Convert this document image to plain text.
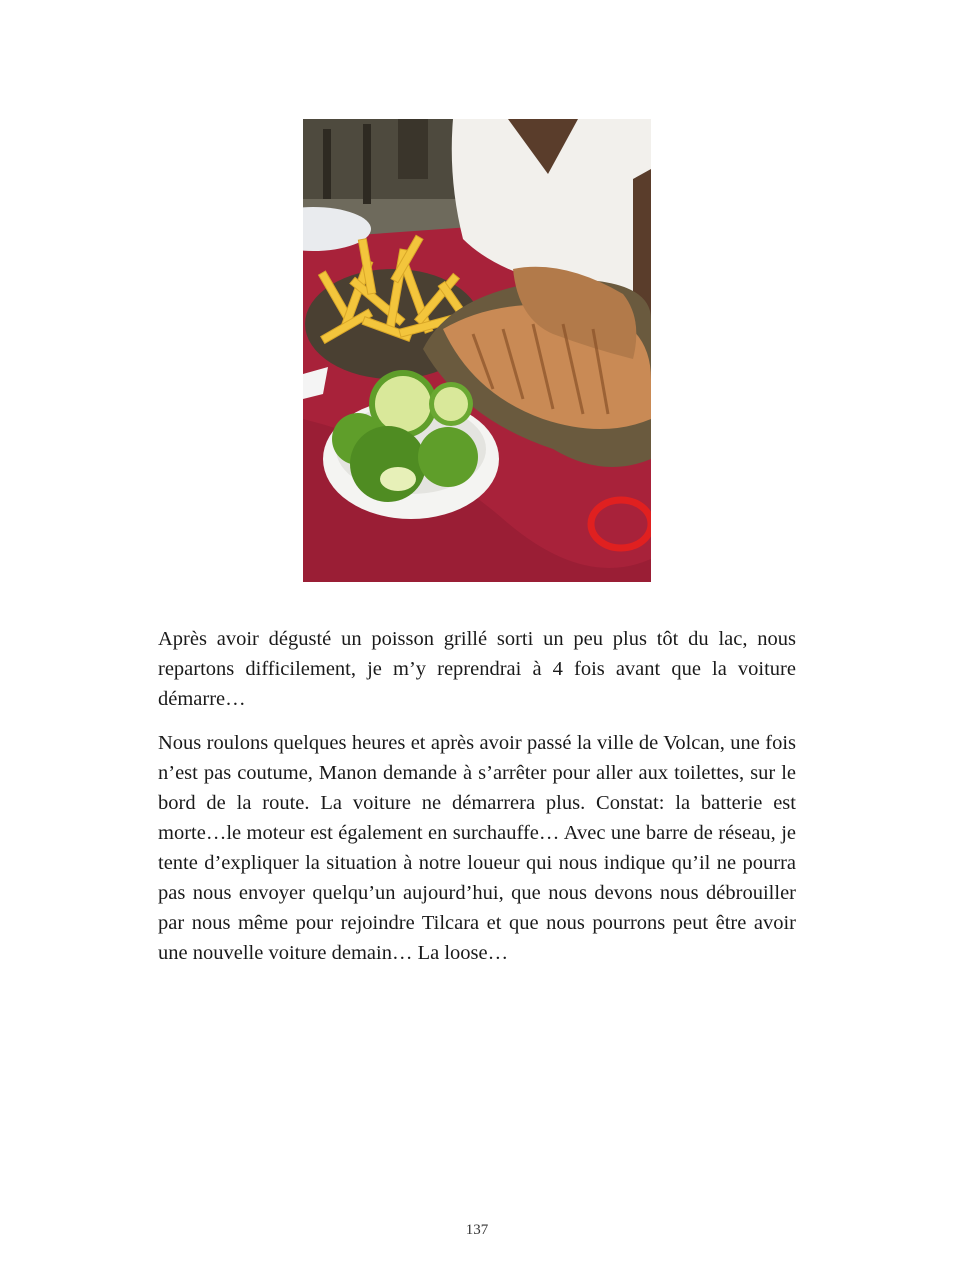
Après avoir dégusté un poisson grillé sorti un peu plus tôt du lac, nous repartons difficilement, je m’y reprendrai à 4 fois avant que la voiture démarre…

Nous roulons quelques heures et après avoir passé la ville de Volcan, une fois n’est pas coutume, Manon demande à s’arrêter pour aller aux toilettes, sur le bord de la route. La voiture ne démarrera plus. Constat: la batterie est morte…le moteur est également en surchauffe… Avec une barre de réseau, je tente d’expliquer la situation à notre loueur qui nous indique qu’il ne pourra pas nous envoyer quelqu’un aujourd’hui, que nous devons nous débrouiller par nous même pour rejoindre Tilcara et que nous pourrons peut être avoir une nouvelle voiture demain… La loose…

137
